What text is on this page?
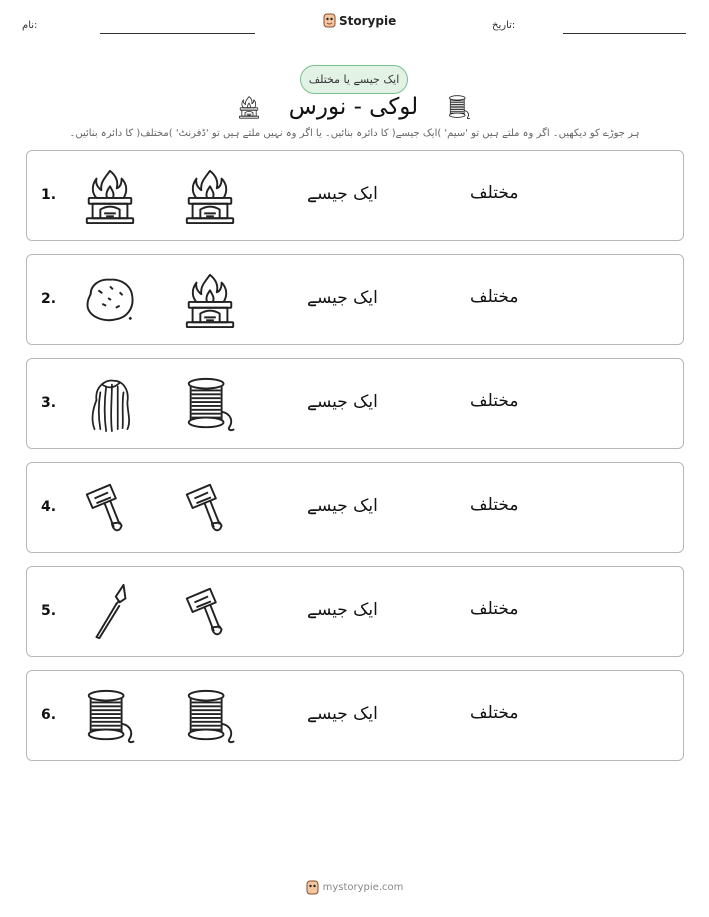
نام:	Storypie	تاریخ:
ایک جیسے یا مختلف
لوکی - نورس
ہر جوڑے کو دیکھیں۔ اگر وہ ملتے ہیں تو 'سیم' )ایک جیسے( کا دائرہ بنائیں۔ یا اگر وہ نہیں ملتے ہیں تو 'ڈفرنٹ' )مختلف( کا دائرہ بنائیں۔
1.	ایک جیسے	مختلف
2.	ایک جیسے	مختلف
3.	ایک جیسے	مختلف
4.	ایک جیسے	مختلف
5.	ایک جیسے	مختلف
6.	ایک جیسے	مختلف
mystorypie.com
